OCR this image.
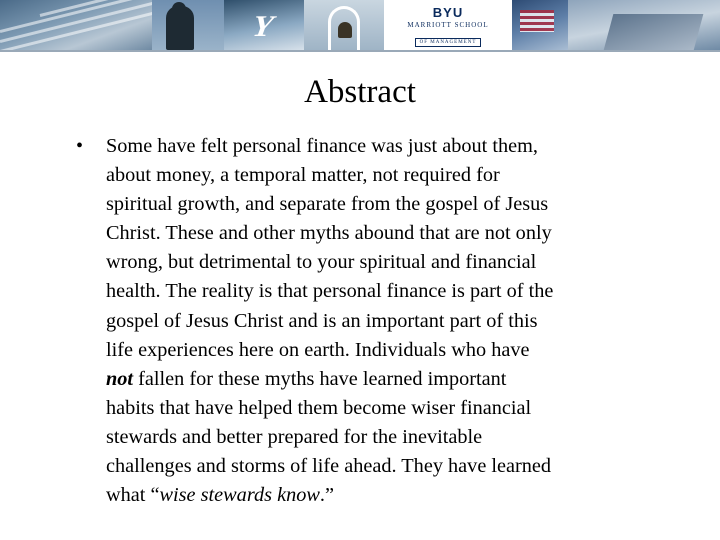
Y	BYU
MARRIOTT SCHOOL
OF MANAGEMENT
Abstract
• Some have felt personal finance was just about them,
about money, a temporal matter, not required for
spiritual growth, and separate from the gospel of Jesus
Christ. These and other myths abound that are not only
wrong, but detrimental to your spiritual and financial
health. The reality is that personal finance is part of the
gospel of Jesus Christ and is an important part of this
life experiences here on earth. Individuals who have
not fallen for these myths have learned important
habits that have helped them become wiser financial
stewards and better prepared for the inevitable
challenges and storms of life ahead. They have learned
what “wise stewards know.”
